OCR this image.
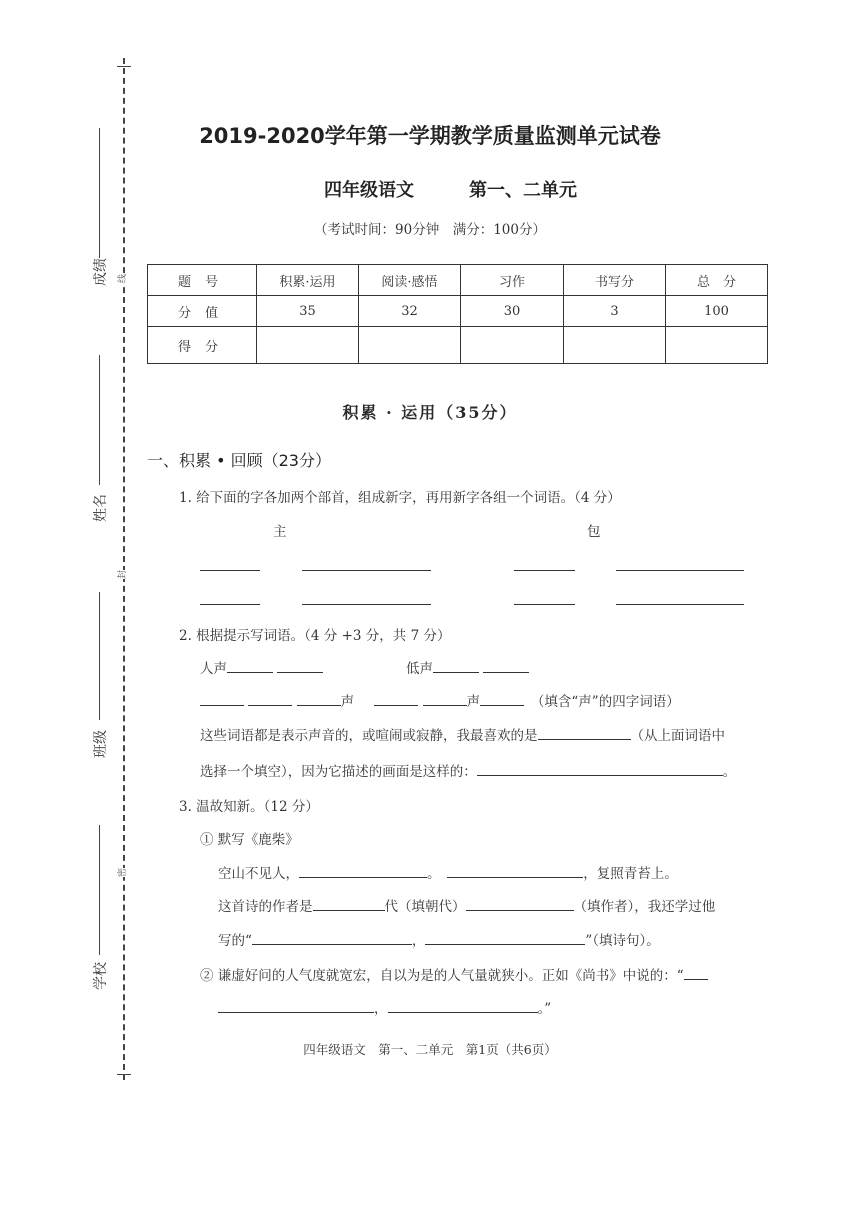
成绩	线
姓名
封
班级
密
学校
2019-2020学年第一学期教学质量监测单元试卷
四年级语文	第一、二单元
（考试时间：90分钟　满分：100分）
题号	积累·运用	阅读·感悟	习作	书写分	总　分
分值	35	32	30	3	100
得分					
积累 · 运用（35分）
一、积累 • 回顾（23分）
1. 给下面的字各加两个部首，组成新字，再用新字各组一个词语。（4 分）
主	包
2. 根据提示写词语。（4 分 +3 分，共 7 分）
人声	低声
声  	声 	（填含“声”的四字词语）
这些词语都是表示声音的，或喧闹或寂静，我最喜欢的是	（从上面词语中
选择一个填空），因为它描述的画面是这样的：	。
3. 温故知新。（12 分）
① 默写《鹿柴》
空山不见人，	。 	，复照青苔上。
这首诗的作者是	代（填朝代）	（填作者），我还学过他
写的“	，	”（填诗句）。
② 谦虚好问的人气度就宽宏，自以为是的人气量就狭小。正如《尚书》中说的：“
，	。”
四年级语文　第一、二单元　第1页（共6页）
